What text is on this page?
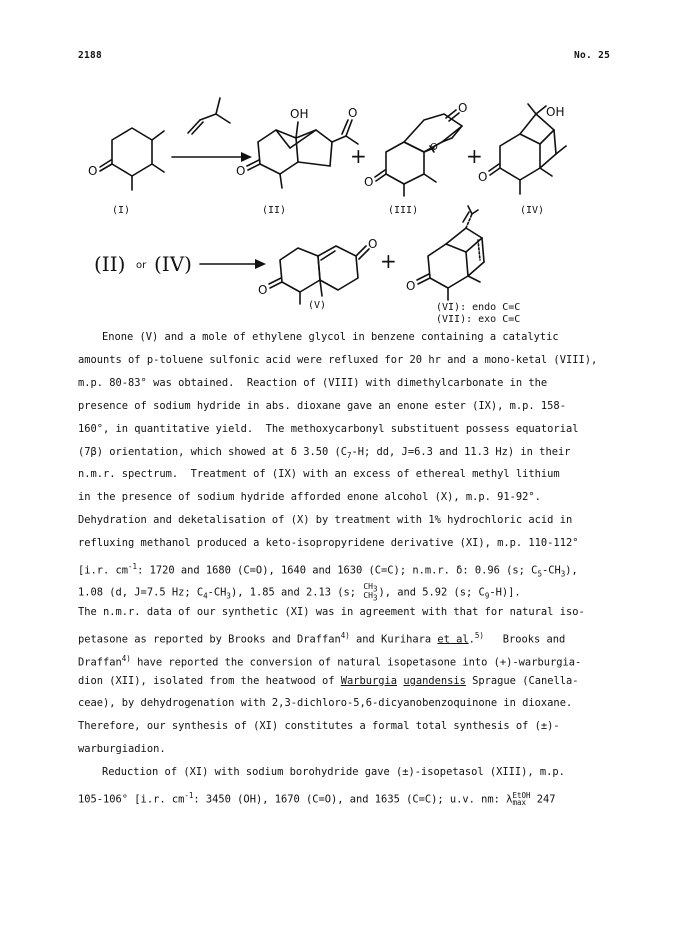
2188	No. 25
O
(I)
OH	O
O
(II)
+
O
O
O
(III)
+
OH
O
(IV)
(II) or (IV)
O
O
(V)
+
O
(VI): endo C=C
(VII): exo C=C
Enone (V) and a mole of ethylene glycol in benzene containing a catalytic
amounts of p-toluene sulfonic acid were refluxed for 20 hr and a mono-ketal (VIII),
m.p. 80-83° was obtained.  Reaction of (VIII) with dimethylcarbonate in the
presence of sodium hydride in abs. dioxane gave an enone ester (IX), m.p. 158-
160°, in quantitative yield.  The methoxycarbonyl substituent possess equatorial
(7β) orientation, which showed at δ 3.50 ($C_7-H$; dd, J=6.3 and 11.3 Hz) in their
n.m.r. spectrum.  Treatment of (IX) with an excess of ethereal methyl lithium
in the presence of sodium hydride afforded enone alcohol (X), m.p. 91-92°.
Dehydration and deketalisation of (X) by treatment with 1% hydrochloric acid in
refluxing methanol produced a keto-isopropyridene derivative (XI), m.p. 110-112°
[i.r. $cm^{-1}$: 1720 and 1680 (C=O), 1640 and 1630 (C=C); n.m.r. δ: 0.96 (s; $C_5-CH_3$),
1.08 (d, J=7.5 Hz; $C_4-CH_3$), 1.85 and 2.13 (s; $CH_3$
$CH_3$), and 5.92 (s; $C_9-H$)].
The n.m.r. data of our synthetic (XI) was in agreement with that for natural iso-
petasone as reported by Brooks and Draffan$^{4)}$ and Kurihara et al.$^{5)}$   Brooks and
Draffan$^{4)}$ have reported the conversion of natural isopetasone into (+)-warburgia-
dion (XII), isolated from the heatwood of Warburgia ugandensis Sprague (Canella-
ceae), by dehydrogenation with 2,3-dichloro-5,6-dicyanobenzoquinone in dioxane.
Therefore, our synthesis of (XI) constitutes a formal total synthesis of (±)-
warburgiadion.
Reduction of (XI) with sodium borohydride gave (±)-isopetasol (XIII), m.p.
105-106° [i.r. $cm^{-1}$: 3450 (OH), 1670 (C=O), and 1635 (C=C); u.v. nm: λEtOH
max 247
